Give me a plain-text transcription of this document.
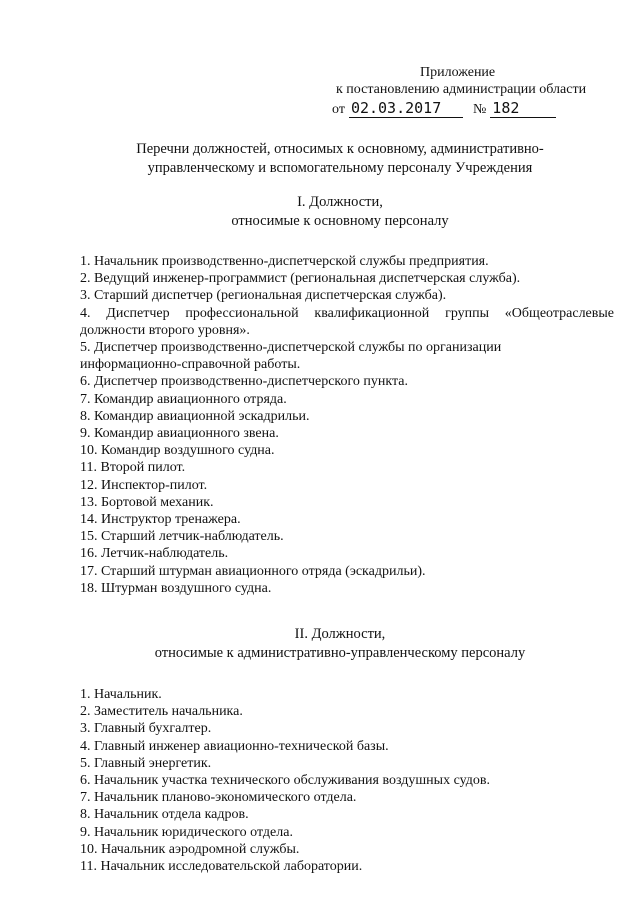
Приложение
к постановлению администрации области
от 02.03.2017	№ 182
Перечни должностей, относимых к основному, административно-
управленческому и вспомогательному персоналу Учреждения
I. Должности,
относимые к основному персоналу
1. Начальник производственно-диспетчерской службы предприятия.
2. Ведущий инженер-программист (региональная диспетчерская служба).
3. Старший диспетчер (региональная диспетчерская служба).
4. Диспетчер профессиональной квалификационной группы «Общеотраслевые
должности второго уровня».
5. Диспетчер производственно-диспетчерской службы по организации
информационно-справочной работы.
6. Диспетчер производственно-диспетчерского пункта.
7. Командир авиационного отряда.
8. Командир авиационной эскадрильи.
9. Командир авиационного звена.
10. Командир воздушного судна.
11. Второй пилот.
12. Инспектор-пилот.
13. Бортовой механик.
14. Инструктор тренажера.
15. Старший летчик-наблюдатель.
16. Летчик-наблюдатель.
17. Старший штурман авиационного отряда (эскадрильи).
18. Штурман воздушного судна.
II. Должности,
относимые к административно-управленческому персоналу
1. Начальник.
2. Заместитель начальника.
3. Главный бухгалтер.
4. Главный инженер авиационно-технической базы.
5. Главный энергетик.
6. Начальник участка технического обслуживания воздушных судов.
7. Начальник планово-экономического отдела.
8. Начальник отдела кадров.
9. Начальник юридического отдела.
10. Начальник аэродромной службы.
11. Начальник исследовательской лаборатории.
